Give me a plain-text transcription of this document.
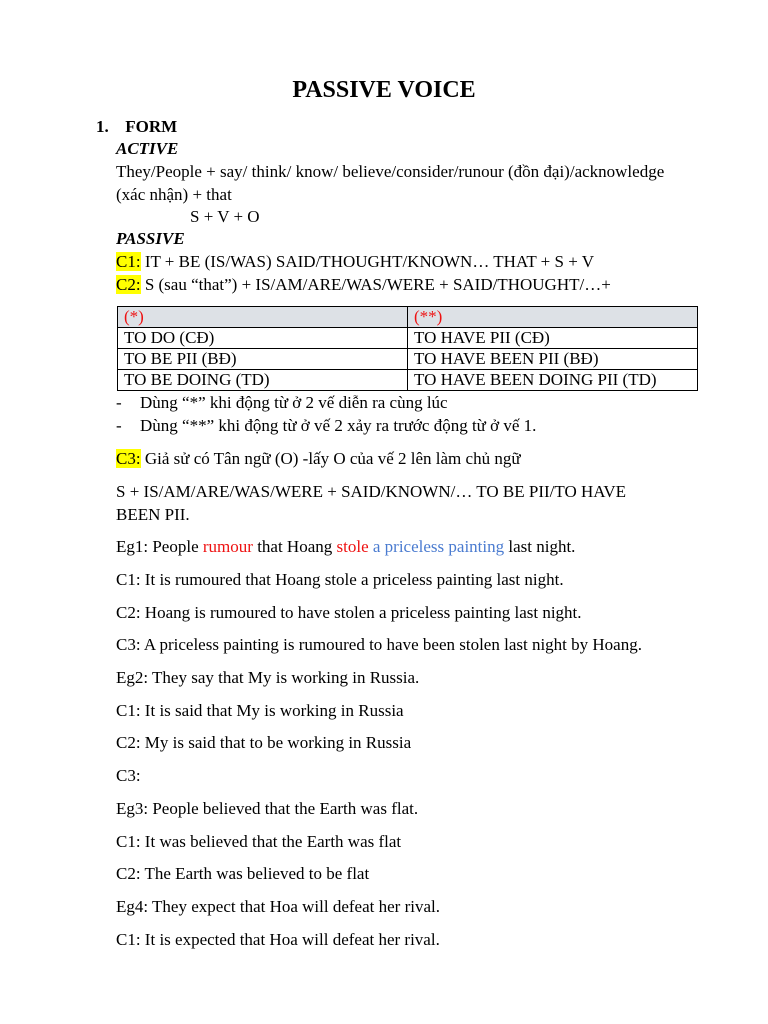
PASSIVE VOICE
1. FORM
ACTIVE
They/People + say/ think/ know/ believe/consider/runour (đồn đại)/acknowledge
(xác nhận) + that
S + V + O
PASSIVE
C1: IT + BE (IS/WAS) SAID/THOUGHT/KNOWN… THAT + S + V
C2: S (sau “that”) + IS/AM/ARE/WAS/WERE + SAID/THOUGHT/…+
(*)	(**)
TO DO (CĐ)	TO HAVE PII (CĐ)
TO BE PII (BĐ)	TO HAVE BEEN PII (BĐ)
TO BE DOING (TD)	TO HAVE BEEN DOING PII (TD)
- Dùng “*” khi động từ ở 2 vế diễn ra cùng lúc
- Dùng “**” khi động từ ở vế 2 xảy ra trước động từ ở vế 1.
C3: Giả sử có Tân ngữ (O) -lấy O của vế 2 lên làm chủ ngữ
S + IS/AM/ARE/WAS/WERE + SAID/KNOWN/… TO BE PII/TO HAVE
BEEN PII.
Eg1: People rumour that Hoang stole a priceless painting last night.
C1: It is rumoured that Hoang stole a priceless painting last night.
C2: Hoang is rumoured to have stolen a priceless painting last night.
C3: A priceless painting is rumoured to have been stolen last night by Hoang.
Eg2: They say that My is working in Russia.
C1: It is said that My is working in Russia
C2: My is said that to be working in Russia
C3:
Eg3: People believed that the Earth was flat.
C1: It was believed that the Earth was flat
C2: The Earth was believed to be flat
Eg4: They expect that Hoa will defeat her rival.
C1: It is expected that Hoa will defeat her rival.
